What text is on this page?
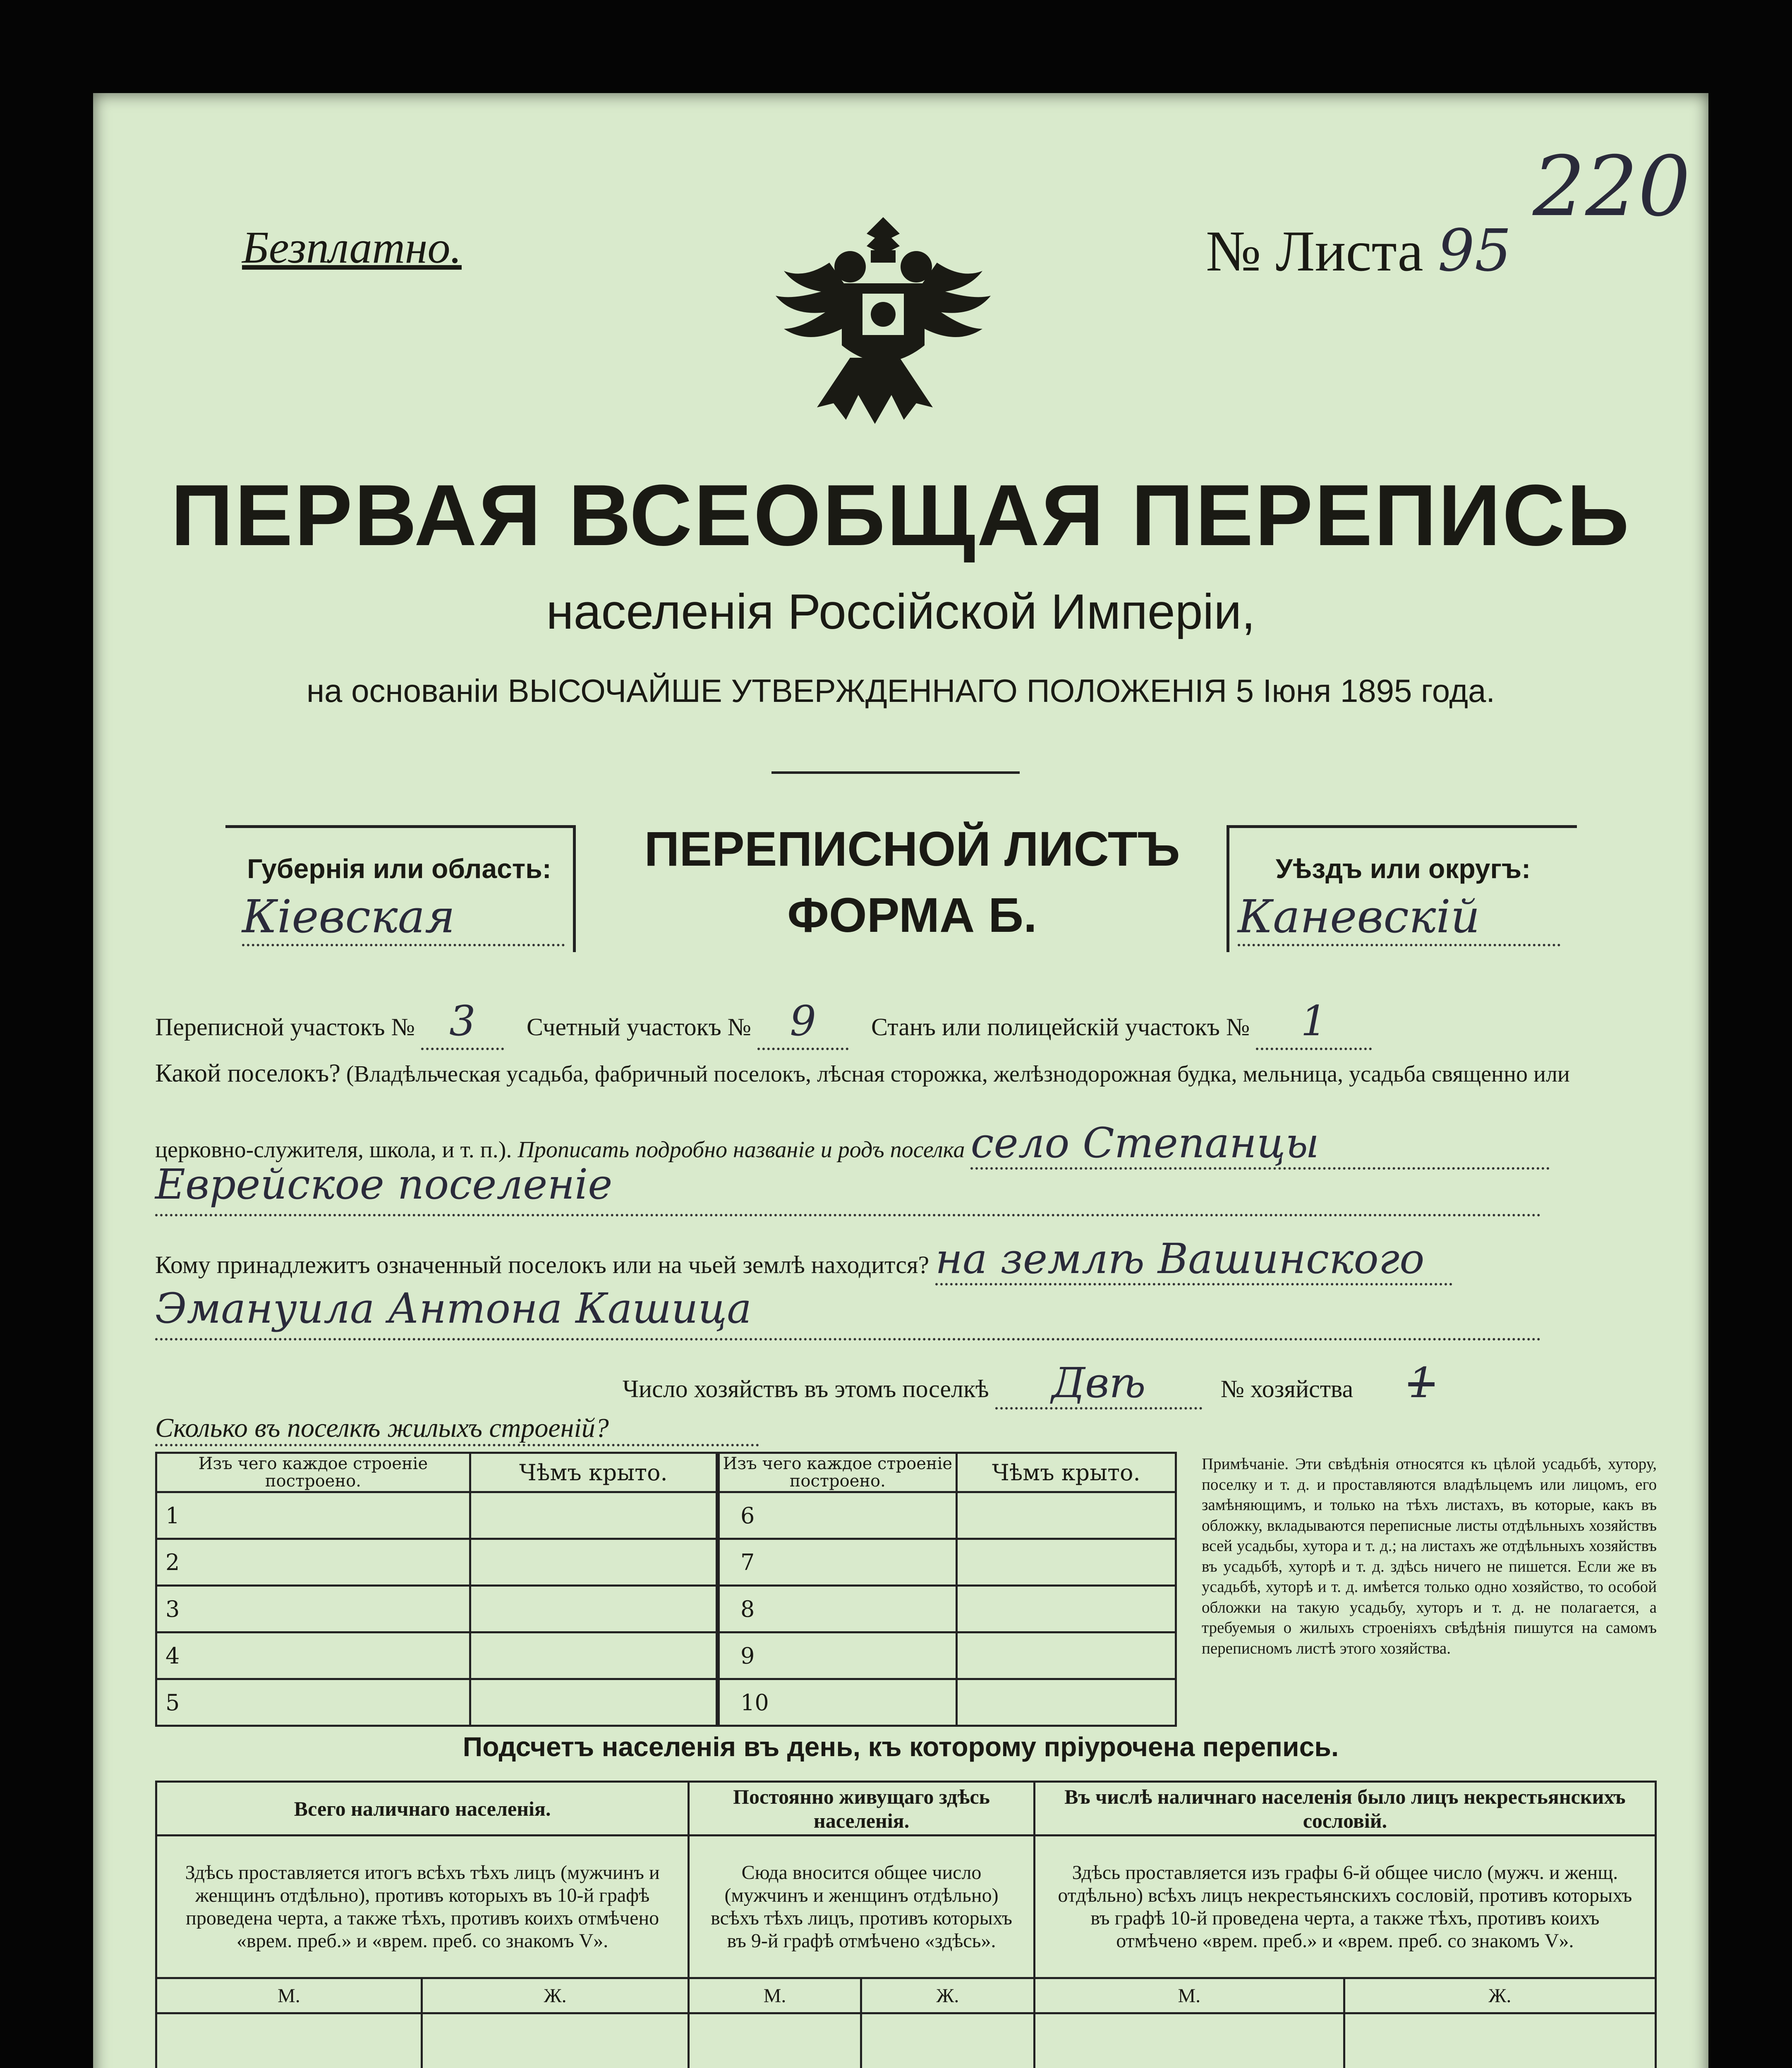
220
Безплатно.	№ Листа 95
ПЕРВАЯ ВСЕОБЩАЯ ПЕРЕПИСЬ
населенія Россійской Имперіи,
на основаніи ВЫСОЧАЙШЕ УТВЕРЖДЕННАГО ПОЛОЖЕНІЯ 5 Іюня 1895 года.
Губернія или область:
Кіевская
ПЕРЕПИСНОЙ ЛИСТЪ
ФОРМА Б.
Уѣздъ или округъ:
Каневскій
Переписной участокъ № 3 Счетный участокъ № 9 Станъ или полицейскій участокъ № 1
Какой поселокъ? (Владѣльческая усадьба, фабричный поселокъ, лѣсная сторожка, желѣзнодорожная будка, мельница, усадьба священно или
церковно-служителя, школа, и т. п.). Прописать подробно названіе и родъ поселка село Степанцы
Еврейское поселеніе
Кому принадлежитъ означенный поселокъ или на чьей землѣ находится? на землѣ Вашинского
Эмануила Антона Кашица
Число хозяйствъ въ этомъ поселкѣ Двѣ	№ хозяйства 1
Сколько въ поселкѣ жилыхъ строеній?
Изъ чего каждое строеніе построено.	Чѣмъ крыто.
1	
2	
3	
4	
5	
Изъ чего каждое строеніе построено.	Чѣмъ крыто.
6	
7	
8	
9	
10	
Примѣчаніе. Эти свѣдѣнія относятся къ цѣлой усадьбѣ, хутору, поселку и т. д. и проставляются владѣльцемъ или лицомъ, его замѣняющимъ, и только на тѣхъ листахъ, въ которые, какъ въ обложку, вкладываются переписные листы отдѣльныхъ хозяйствъ всей усадьбы, хутора и т. д.; на листахъ же отдѣльныхъ хозяйствъ въ усадьбѣ, хуторѣ и т. д. здѣсь ничего не пишется. Если же въ усадьбѣ, хуторѣ и т. д. имѣется только одно хозяйство, то особой обложки на такую усадьбу, хуторъ и т. д. не полагается, а требуемыя о жилыхъ строеніяхъ свѣдѣнія пишутся на самомъ переписномъ листѣ этого хозяйства.
Подсчетъ населенія въ день, къ которому пріурочена перепись.
Всего наличнаго населенія.		Постоянно живущаго здѣсь населенія.		Въ числѣ наличнаго населенія было лицъ некрестьянскихъ сословій.	
Здѣсь проставляется итогъ всѣхъ тѣхъ лицъ (мужчинъ и женщинъ отдѣльно), противъ которыхъ въ 10-й графѣ проведена черта, а также тѣхъ, противъ коихъ отмѣчено «врем. преб.» и «врем. преб. со знакомъ V».		Сюда вносится общее число (мужчинъ и женщинъ отдѣльно) всѣхъ тѣхъ лицъ, противъ которыхъ въ 9-й графѣ отмѣчено «здѣсь».		Здѣсь проставляется изъ графы 6-й общее число (мужч. и женщ. отдѣльно) всѣхъ лицъ некрестьянскихъ сословій, противъ которыхъ въ графѣ 10-й проведена черта, а также тѣхъ, противъ коихъ отмѣчено «врем. преб.» и «врем. преб. со знакомъ V».	
М.	Ж.	М.	Ж.	М.	Ж.
